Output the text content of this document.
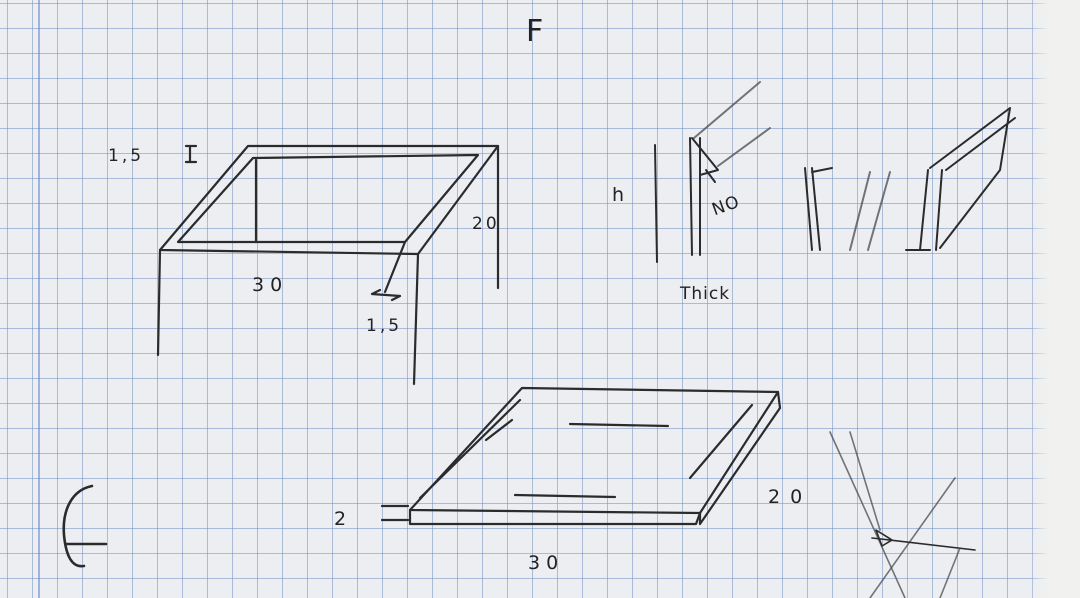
F
h
1,5
30
20
1,5
Thick
NO
2
30
20
